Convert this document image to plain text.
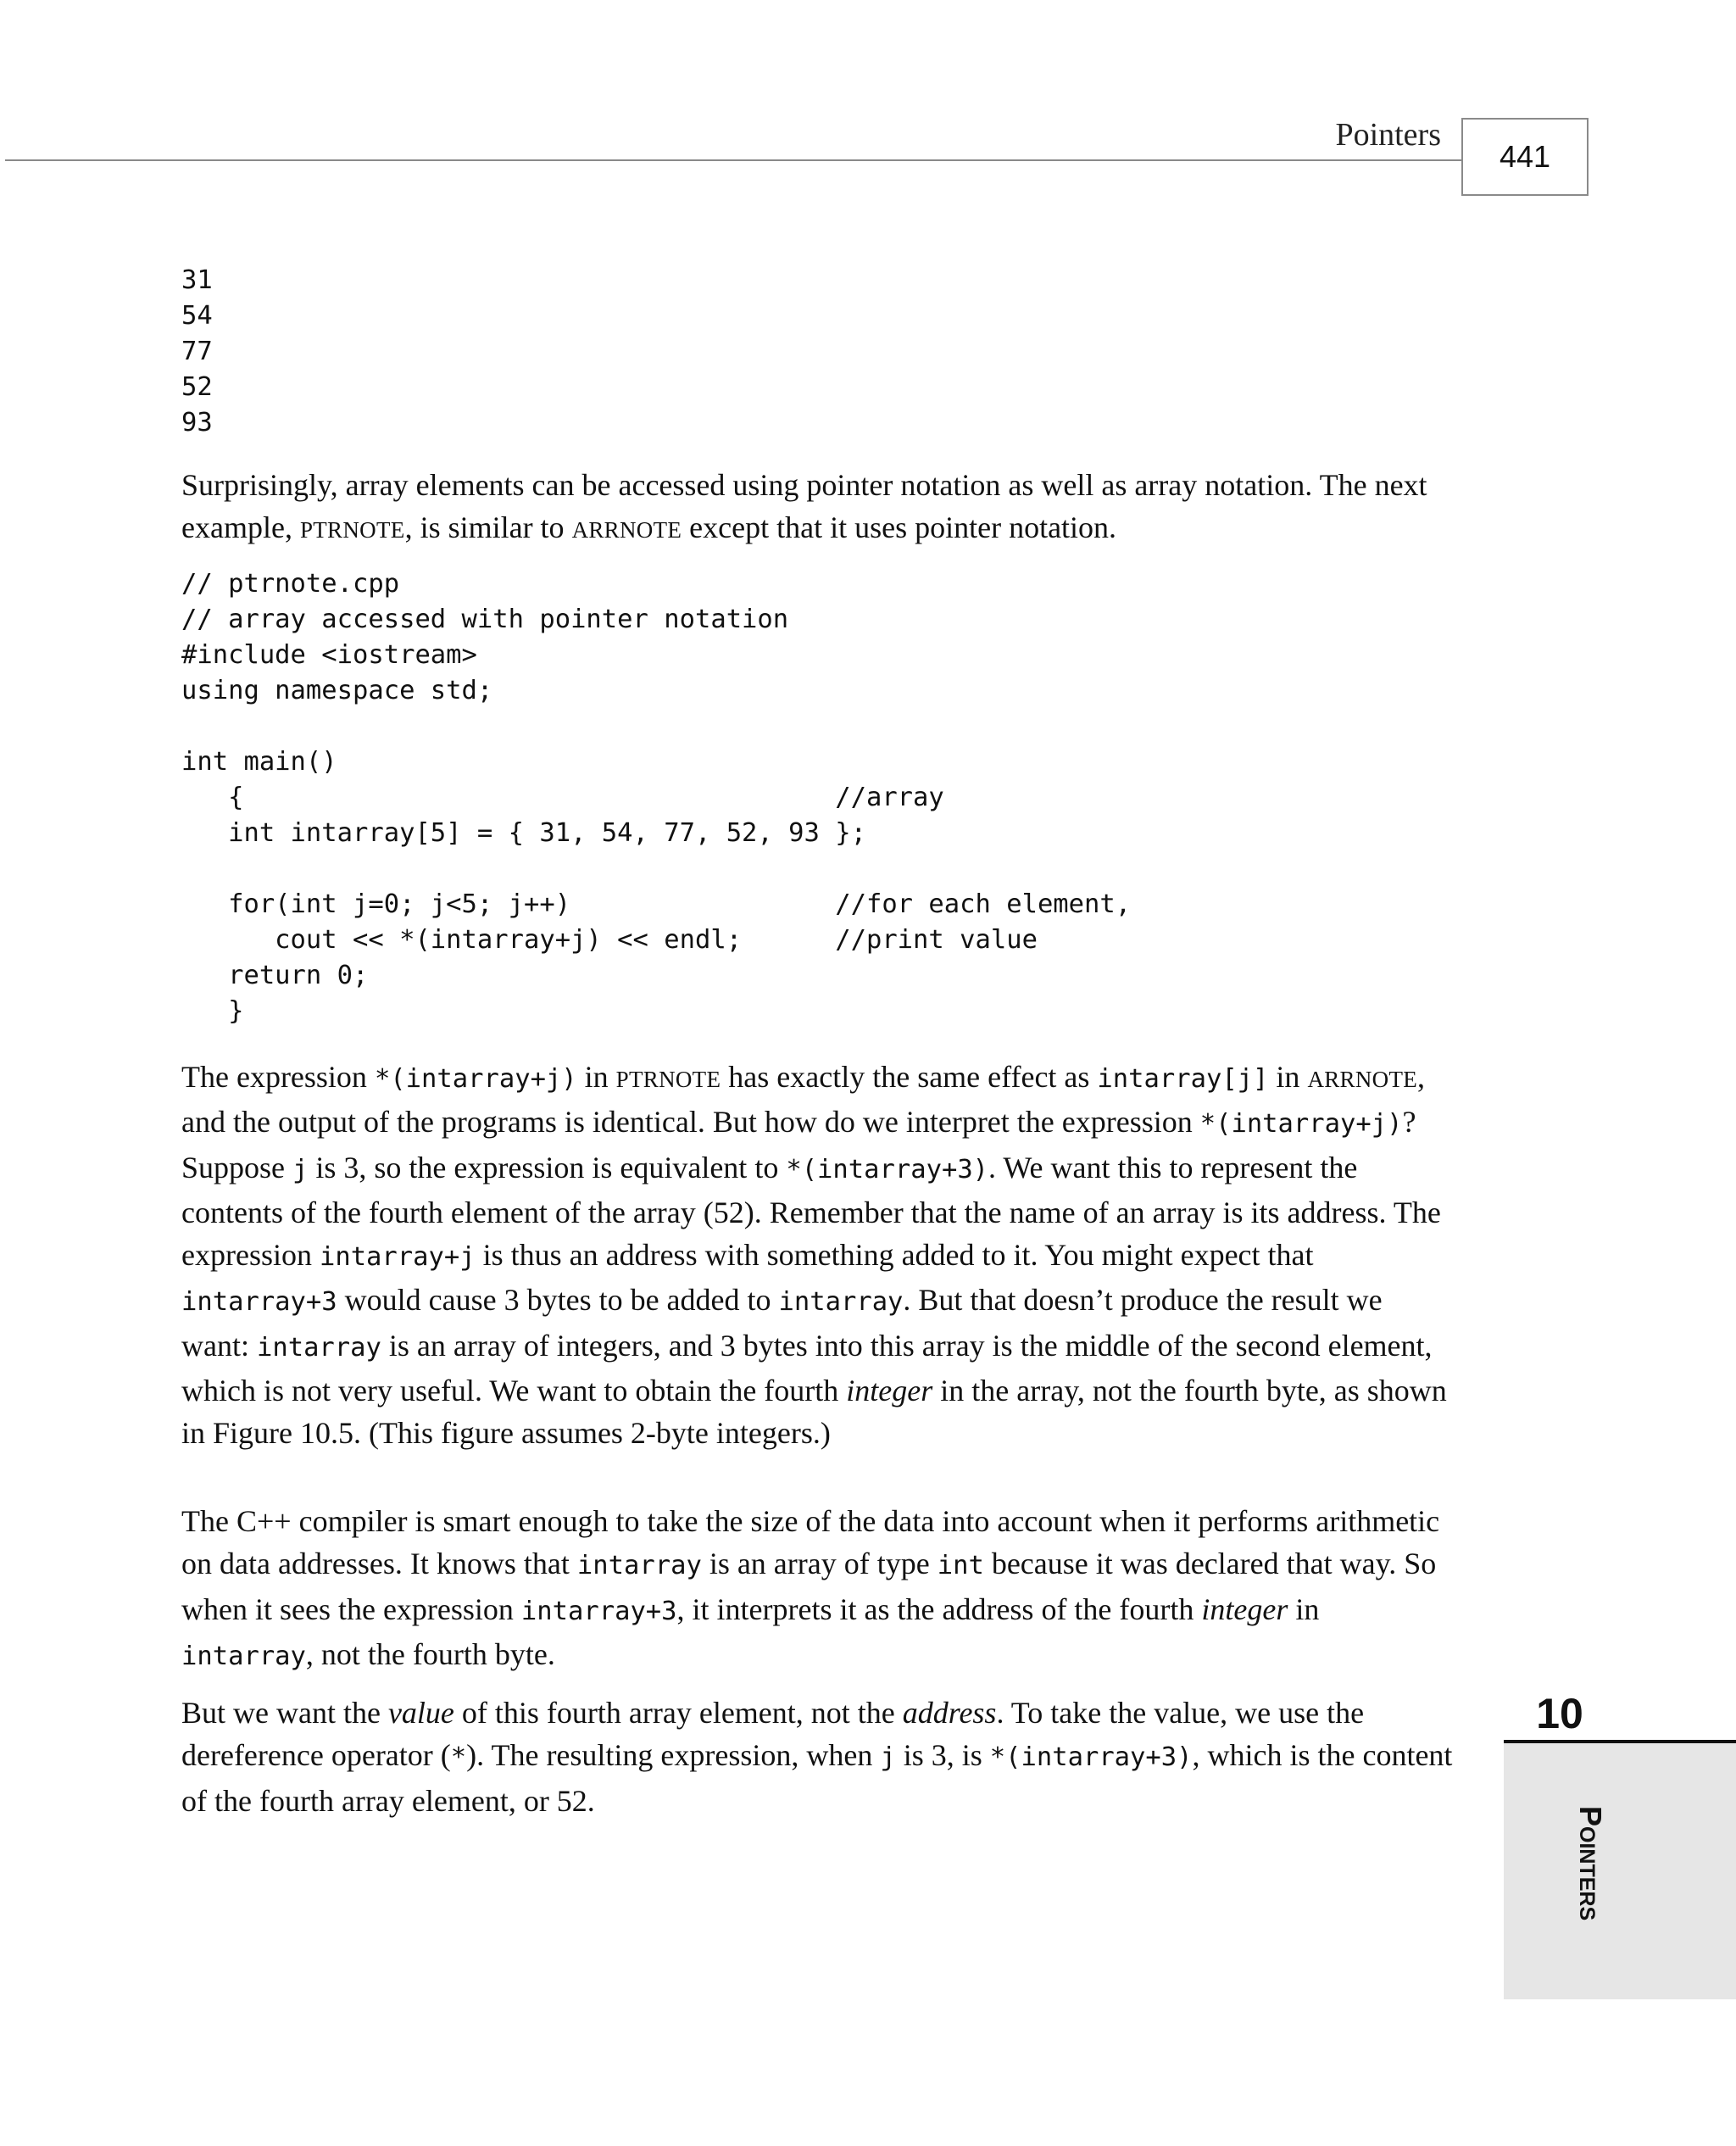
Pointers
441
31
54
77
52
93

Surprisingly, array elements can be accessed using pointer notation as well as array notation. The next example, PTRNOTE, is similar to ARRNOTE except that it uses pointer notation.

// ptrnote.cpp
// array accessed with pointer notation
#include <iostream>
using namespace std;

int main()
{                                      //array
int intarray[5] = { 31, 54, 77, 52, 93 };

for(int j=0; j<5; j++)                 //for each element,
cout << *(intarray+j) << endl;      //print value
return 0;
}

The expression *(intarray+j) in PTRNOTE has exactly the same effect as intarray[j] in ARRNOTE, and the output of the programs is identical. But how do we interpret the expression *(intarray+j)? Suppose j is 3, so the expression is equivalent to *(intarray+3). We want this to represent the contents of the fourth element of the array (52). Remember that the name of an array is its address. The expression intarray+j is thus an address with something added to it. You might expect that intarray+3 would cause 3 bytes to be added to intarray. But that doesn’t produce the result we want: intarray is an array of integers, and 3 bytes into this array is the middle of the second element, which is not very useful. We want to obtain the fourth integer in the array, not the fourth byte, as shown in Figure 10.5. (This figure assumes 2-byte integers.)

The C++ compiler is smart enough to take the size of the data into account when it performs arithmetic on data addresses. It knows that intarray is an array of type int because it was declared that way. So when it sees the expression intarray+3, it interprets it as the address of the fourth integer in intarray, not the fourth byte.

But we want the value of this fourth array element, not the address. To take the value, we use the dereference operator (*). The resulting expression, when j is 3, is *(intarray+3), which is the content of the fourth array element, or 52.

10
Pointers
